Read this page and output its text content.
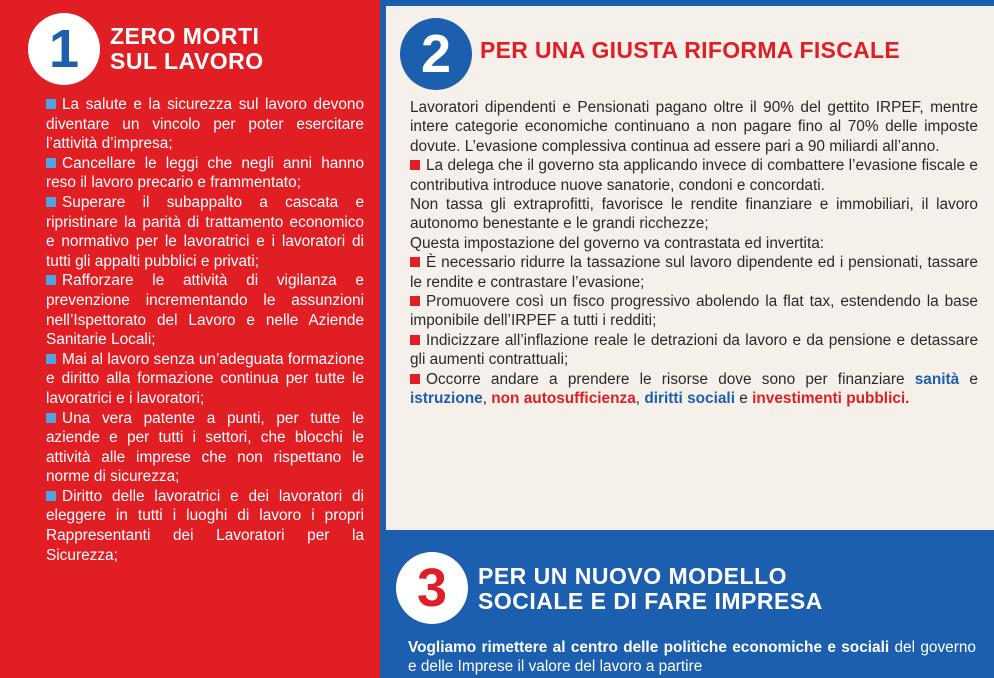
1	ZERO MORTI
SUL LAVORO

La salute e la sicurezza sul lavoro devono diventare un vincolo per poter esercitare l’attività d’impresa;

Cancellare le leggi che negli anni hanno reso il lavoro precario e frammentato;

Superare il subappalto a cascata e ripristinare la parità di trattamento economico e normativo per le lavoratrici e i lavoratori di tutti gli appalti pubblici e privati;

Rafforzare le attività di vigilanza e prevenzione incrementando le assunzioni nell’Ispettorato del Lavoro e nelle Aziende Sanitarie Locali;

Mai al lavoro senza un’adeguata formazione e diritto alla formazione continua per tutte le lavoratrici e i lavoratori;

Una vera patente a punti, per tutte le aziende e per tutti i settori, che blocchi le attività alle imprese che non rispettano le norme di sicurezza;

Diritto delle lavoratrici e dei lavoratori di eleggere in tutti i luoghi di lavoro i propri Rappresentanti dei Lavoratori per la Sicurezza;

2	PER UNA GIUSTA RIFORMA FISCALE

Lavoratori dipendenti e Pensionati pagano oltre il 90% del gettito IRPEF, mentre intere categorie economiche continuano a non pagare fino al 70% delle imposte dovute. L’evasione complessiva continua ad essere pari a 90 miliardi all’anno.

La delega che il governo sta applicando invece di combattere l’evasione fiscale e contributiva introduce nuove sanatorie, condoni e concordati.

Non tassa gli extraprofitti, favorisce le rendite finanziare e immobiliari, il lavoro autonomo benestante e le grandi ricchezze;

Questa impostazione del governo va contrastata ed invertita:

È necessario ridurre la tassazione sul lavoro dipendente ed i pensionati, tassare le rendite e contrastare l’evasione;

Promuovere così un fisco progressivo abolendo la flat tax, estendendo la base imponibile dell’IRPEF a tutti i redditi;

Indicizzare all’inflazione reale le detrazioni da lavoro e da pensione e detassare gli aumenti contrattuali;

Occorre andare a prendere le risorse dove sono per finanziare sanità e istruzione, non autosufficienza, diritti sociali e investimenti pubblici.

3	PER UN NUOVO MODELLO
SOCIALE E DI FARE IMPRESA

Vogliamo rimettere al centro delle politiche economiche e sociali del governo e delle Imprese il valore del lavoro a partire
